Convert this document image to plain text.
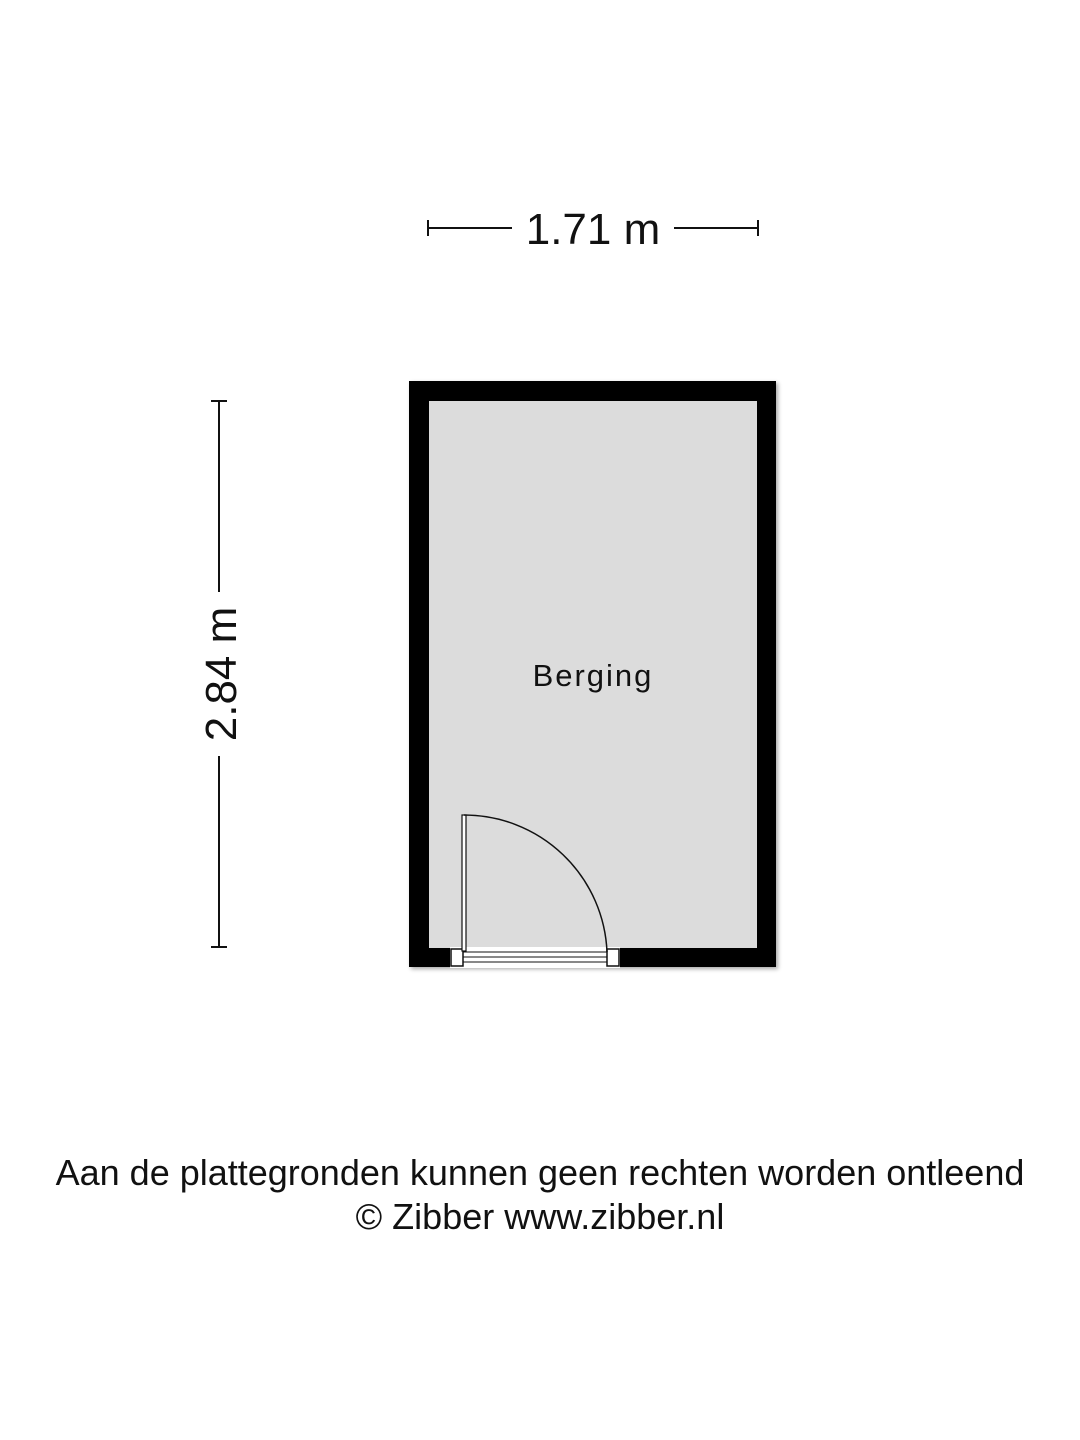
1.71 m
2.84 m	Berging

Aan de plattegronden kunnen geen rechten worden ontleend

© Zibber www.zibber.nl
